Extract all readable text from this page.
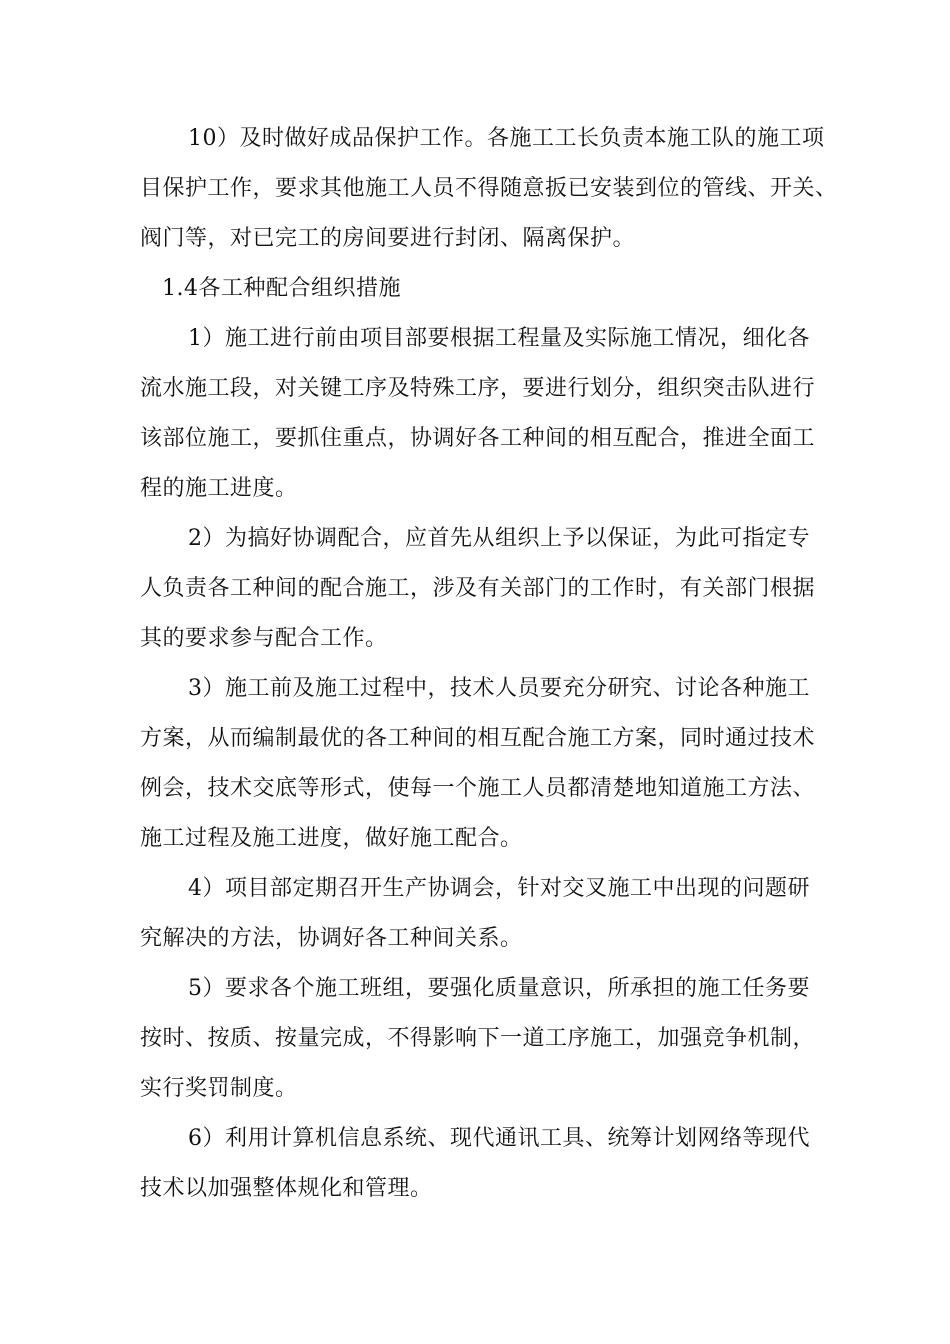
10）及时做好成品保护工作。各施工工长负责本施工队的施工项
目保护工作，要求其他施工人员不得随意扳已安装到位的管线、开关、
阀门等，对已完工的房间要进行封闭、隔离保护。
1.4各工种配合组织措施
1）施工进行前由项目部要根据工程量及实际施工情况，细化各
流水施工段，对关键工序及特殊工序，要进行划分，组织突击队进行
该部位施工，要抓住重点，协调好各工种间的相互配合，推进全面工
程的施工进度。
2）为搞好协调配合，应首先从组织上予以保证，为此可指定专
人负责各工种间的配合施工，涉及有关部门的工作时，有关部门根据
其的要求参与配合工作。
3）施工前及施工过程中，技术人员要充分研究、讨论各种施工
方案，从而编制最优的各工种间的相互配合施工方案，同时通过技术
例会，技术交底等形式，使每一个施工人员都清楚地知道施工方法、
施工过程及施工进度，做好施工配合。
4）项目部定期召开生产协调会，针对交叉施工中出现的问题研
究解决的方法，协调好各工种间关系。
5）要求各个施工班组，要强化质量意识，所承担的施工任务要
按时、按质、按量完成，不得影响下一道工序施工，加强竞争机制，
实行奖罚制度。
6）利用计算机信息系统、现代通讯工具、统筹计划网络等现代
技术以加强整体规化和管理。
